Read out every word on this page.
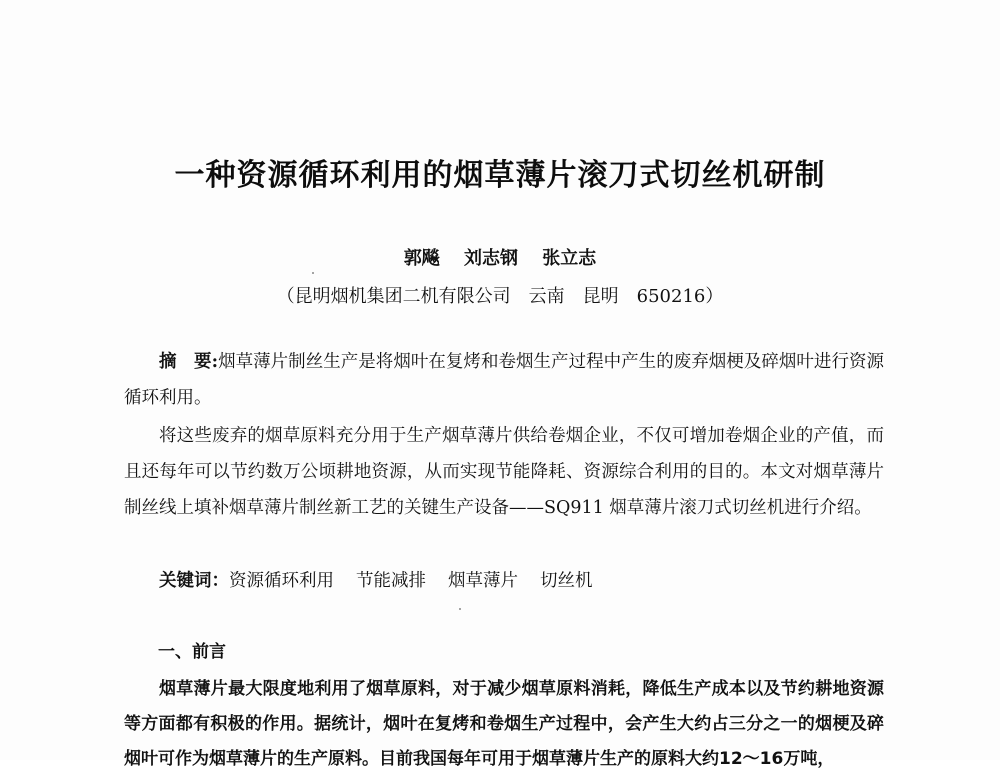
一种资源循环利用的烟草薄片滚刀式切丝机研制
郭飚 刘志钢 张立志
（昆明烟机集团二机有限公司　云南　昆明　650216）
摘　要:烟草薄片制丝生产是将烟叶在复烤和卷烟生产过程中产生的废弃烟梗及碎烟叶进行资源循环利用。
将这些废弃的烟草原料充分用于生产烟草薄片供给卷烟企业，不仅可增加卷烟企业的产值，而且还每年可以节约数万公顷耕地资源，从而实现节能降耗、资源综合利用的目的。本文对烟草薄片制丝线上填补烟草薄片制丝新工艺的关键生产设备——SQ911 烟草薄片滚刀式切丝机进行介绍。
关键词：资源循环利用 节能减排 烟草薄片 切丝机
一、前言
烟草薄片最大限度地利用了烟草原料，对于减少烟草原料消耗，降低生产成本以及节约耕地资源等方面都有积极的作用。据统计，烟叶在复烤和卷烟生产过程中，会产生大约占三分之一的烟梗及碎烟叶可作为烟草薄片的生产原料。目前我国每年可用于烟草薄片生产的原料大约12～16万吨，
